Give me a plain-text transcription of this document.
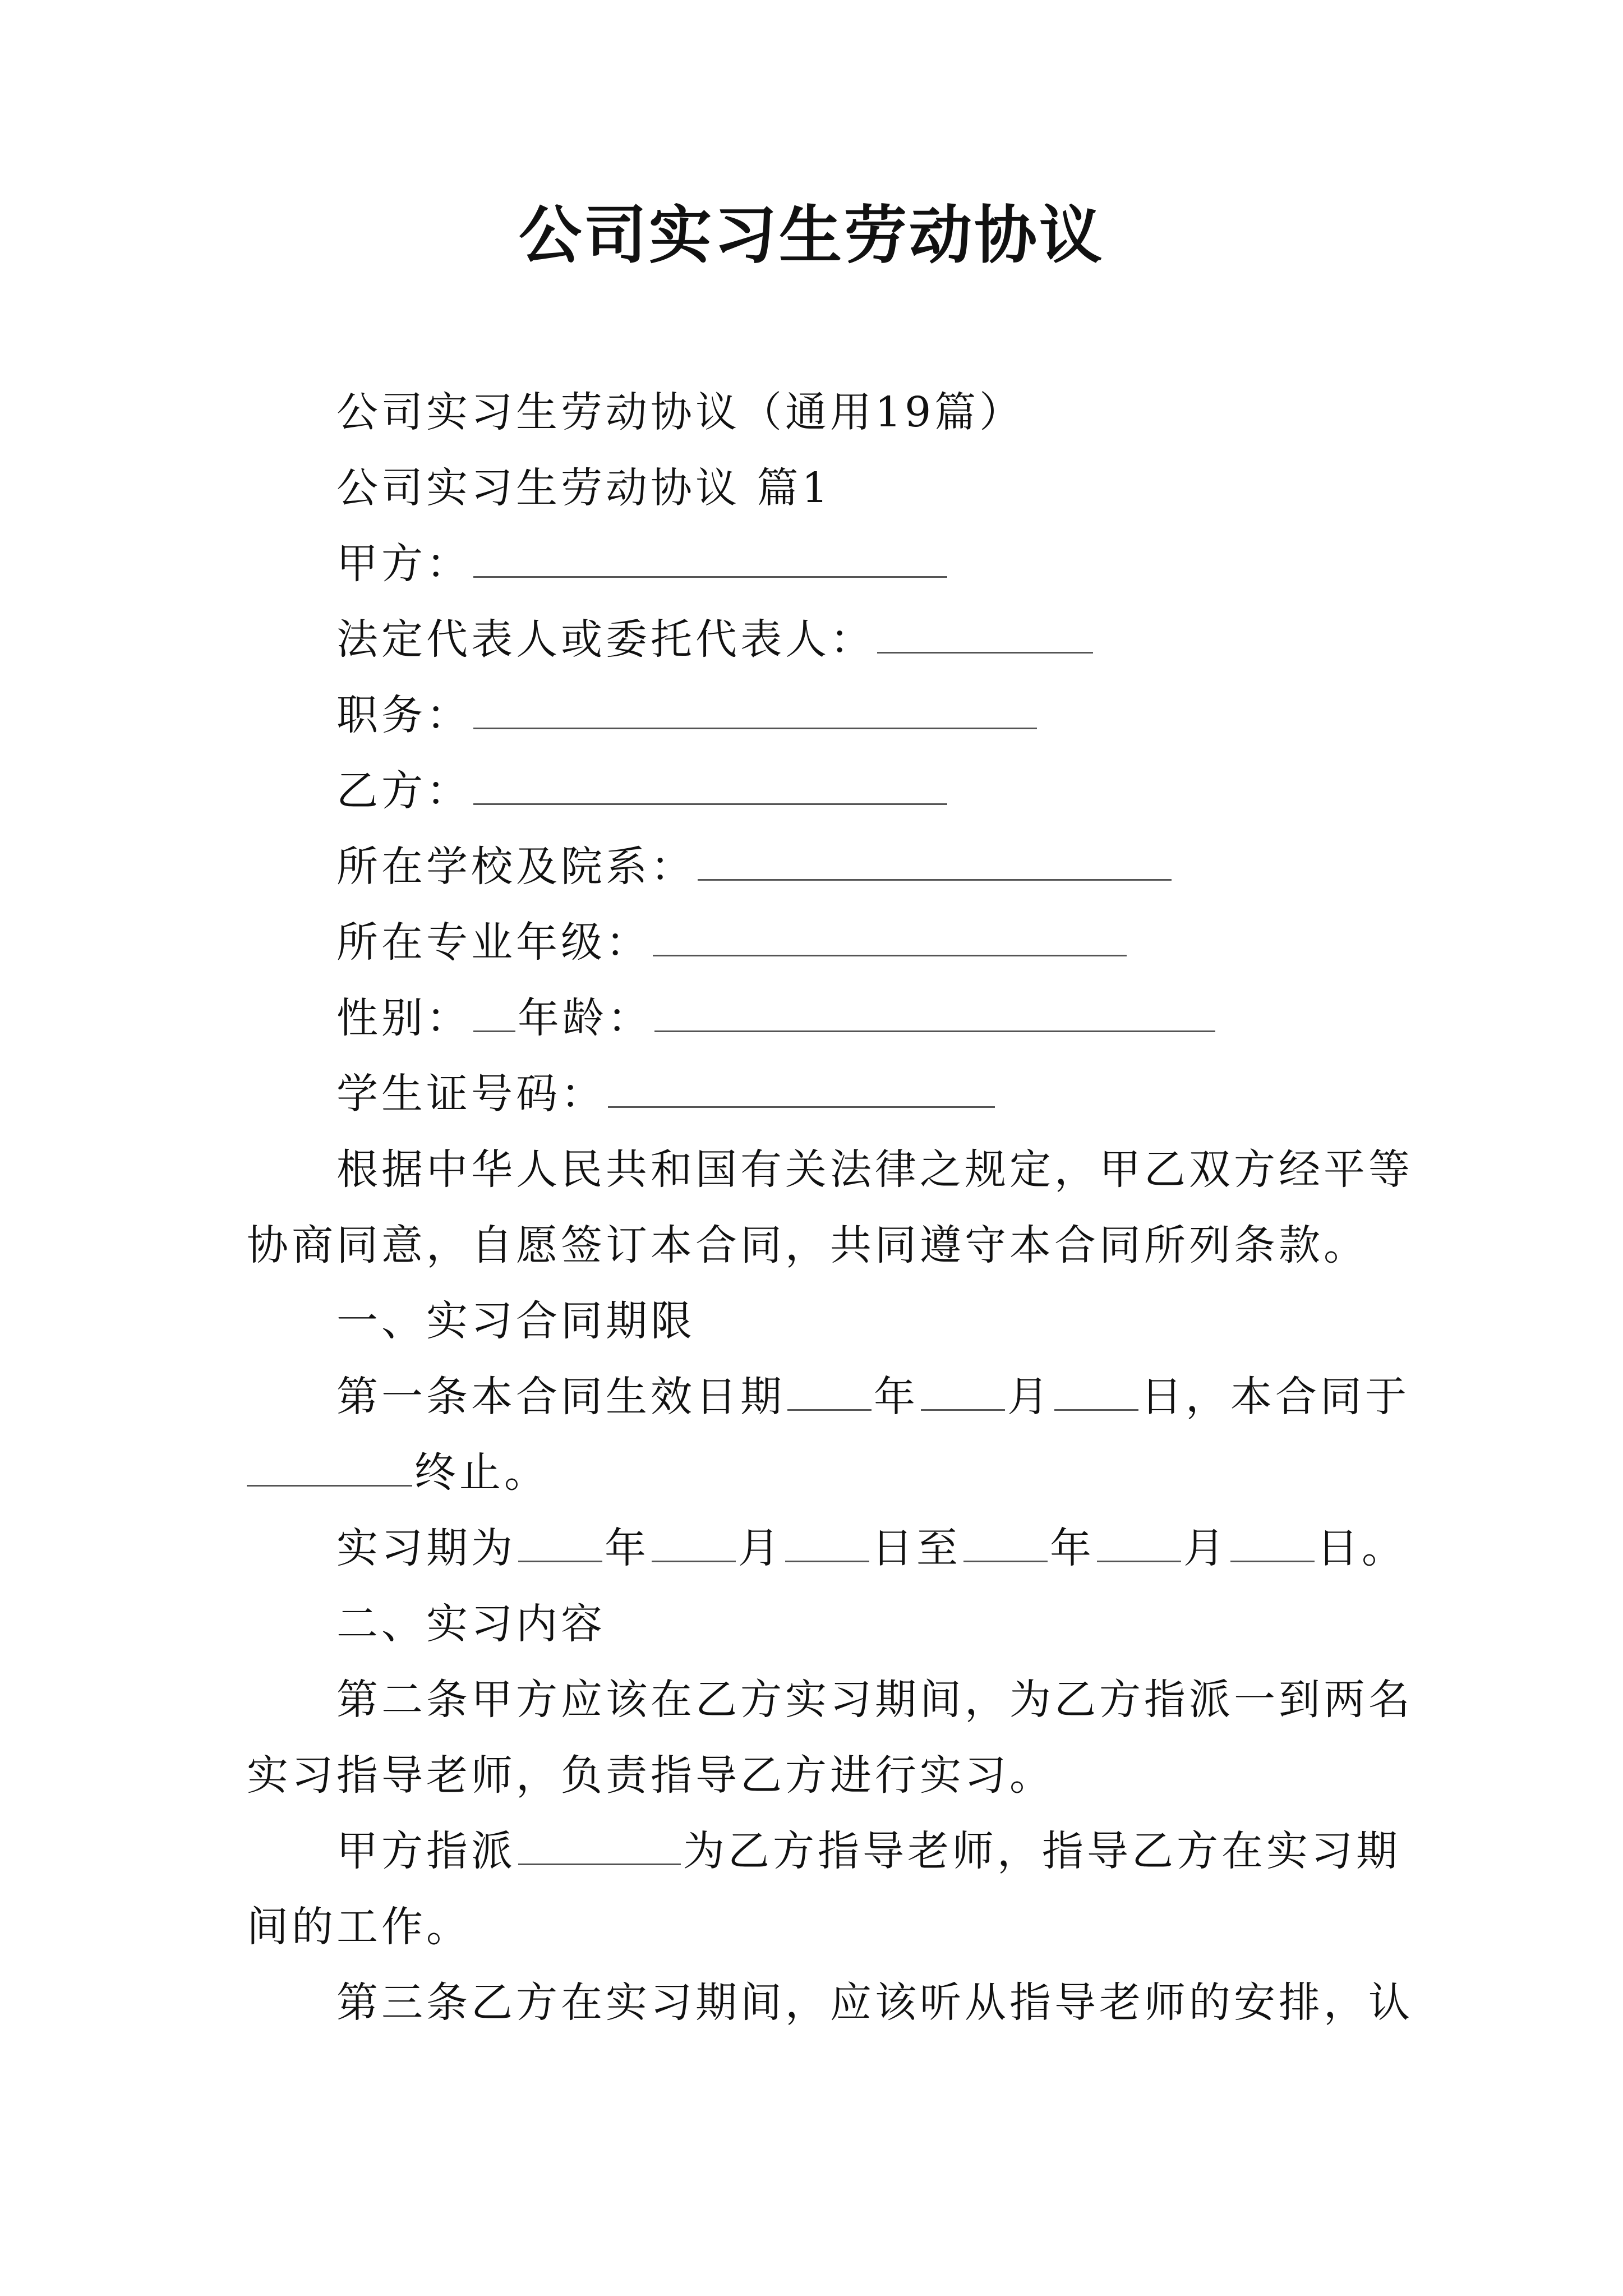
公司实习生劳动协议
公司实习生劳动协议（通用19篇）
公司实习生劳动协议 篇1
甲方：
法定代表人或委托代表人：
职务：
乙方：
所在学校及院系：
所在专业年级：
性别： 年龄：
学生证号码：
根据中华人民共和国有关法律之规定，甲乙双方经平等
协商同意，自愿签订本合同，共同遵守本合同所列条款。
一、实习合同期限
第一条本合同生效日期 年 月 日，本合同于
终止。
实习期为 年 月 日至 年 月 日。
二、实习内容
第二条甲方应该在乙方实习期间，为乙方指派一到两名
实习指导老师，负责指导乙方进行实习。
甲方指派	为乙方指导老师，指导乙方在实习期
间的工作。
第三条乙方在实习期间，应该听从指导老师的安排，认
